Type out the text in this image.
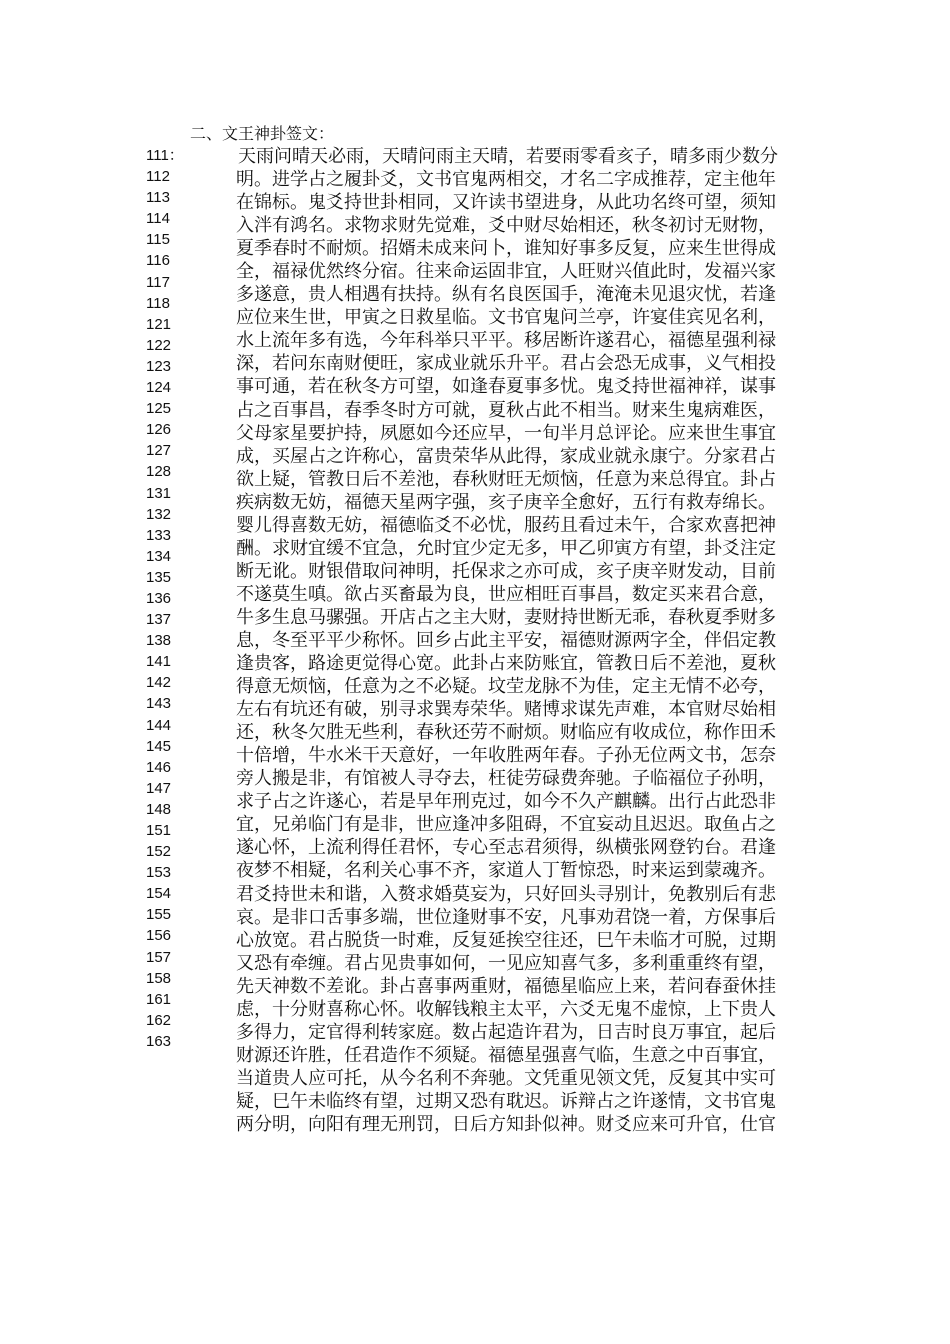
二、文王神卦签文：
111：
112
113
114
115
116
117
118
121
122
123
124
125
126
127
128
131
132
133
134
135
136
137
138
141
142
143
144
145
146
147
148
151
152
153
154
155
156
157
158
161
162
163
天雨问晴天必雨，天晴问雨主天晴，若要雨零看亥子，晴多雨少数分
明。进学占之履卦爻，文书官鬼两相交，才名二字成推荐，定主他年
在锦标。鬼爻持世卦相同，又许读书望进身，从此功名终可望，须知
入泮有鸿名。求物求财先觉难，爻中财尽始相还，秋冬初讨无财物，
夏季春时不耐烦。招婿未成来问卜，谁知好事多反复，应来生世得成
全，福禄优然终分宿。往来命运固非宜，人旺财兴值此时，发福兴家
多遂意，贵人相遇有扶持。纵有名良医国手，淹淹未见退灾忧，若逢
应位来生世，甲寅之日救星临。文书官鬼问兰亭，许宴佳宾见名利，
水上流年多有选，今年科举只平平。移居断许遂君心，福德星强利禄
深，若问东南财便旺，家成业就乐升平。君占会恐无成事，义气相投
事可通，若在秋冬方可望，如逢春夏事多忧。鬼爻持世福神祥，谋事
占之百事昌，春季冬时方可就，夏秋占此不相当。财来生鬼病难医，
父母家星要护持，夙愿如今还应早，一旬半月总评论。应来世生事宜
成，买屋占之许称心，富贵荣华从此得，家成业就永康宁。分家君占
欲上疑，管教日后不差池，春秋财旺无烦恼，任意为来总得宜。卦占
疾病数无妨，福德天星两字强，亥子庚辛全愈好，五行有救寿绵长。
婴儿得喜数无妨，福德临爻不必忧，服药且看过未午，合家欢喜把神
酬。求财宜缓不宜急，允时宜少定无多，甲乙卯寅方有望，卦爻注定
断无讹。财银借取问神明，托保求之亦可成，亥子庚辛财发动，目前
不遂莫生嗔。欲占买畜最为良，世应相旺百事昌，数定买来君合意，
牛多生息马骡强。开店占之主大财，妻财持世断无乖，春秋夏季财多
息，冬至平平少称怀。回乡占此主平安，福德财源两字全，伴侣定教
逢贵客，路途更觉得心宽。此卦占来防账宜，管教日后不差池，夏秋
得意无烦恼，任意为之不必疑。坟茔龙脉不为佳，定主无情不必夸，
左右有坑还有破，别寻求巽寿荣华。赌博求谋先声难，本官财尽始相
还，秋冬欠胜无些利，春秋还劳不耐烦。财临应有收成位，称作田禾
十倍增，牛水米干天意好，一年收胜两年春。子孙无位两文书，怎奈
旁人搬是非，有馆被人寻夺去，枉徒劳碌费奔驰。子临福位子孙明，
求子占之许遂心，若是早年刑克过，如今不久产麒麟。出行占此恐非
宜，兄弟临门有是非，世应逢冲多阻碍，不宜妄动且迟迟。取鱼占之
遂心怀，上流利得任君怀，专心至志君须得，纵横张网登钓台。君逢
夜梦不相疑，名利关心事不齐，家道人丁暂惊恐，时来运到蒙魂齐。
君爻持世未和谐，入赘求婚莫妄为，只好回头寻别计，免教别后有悲
哀。是非口舌事多端，世位逢财事不安，凡事劝君饶一着，方保事后
心放宽。君占脱货一时难，反复延挨空往还，巳午未临才可脱，过期
又恐有牵缠。君占见贵事如何，一见应知喜气多，多利重重终有望，
先天神数不差讹。卦占喜事两重财，福德星临应上来，若问春蚕休挂
虑，十分财喜称心怀。收解钱粮主太平，六爻无鬼不虚惊，上下贵人
多得力，定官得利转家庭。数占起造许君为，日吉时良万事宜，起后
财源还许胜，任君造作不须疑。福德星强喜气临，生意之中百事宜，
当道贵人应可托，从今名利不奔驰。文凭重见领文凭，反复其中实可
疑，巳午未临终有望，过期又恐有耽迟。诉辩占之许遂情，文书官鬼
两分明，向阳有理无刑罚，日后方知卦似神。财爻应来可升官，仕官
